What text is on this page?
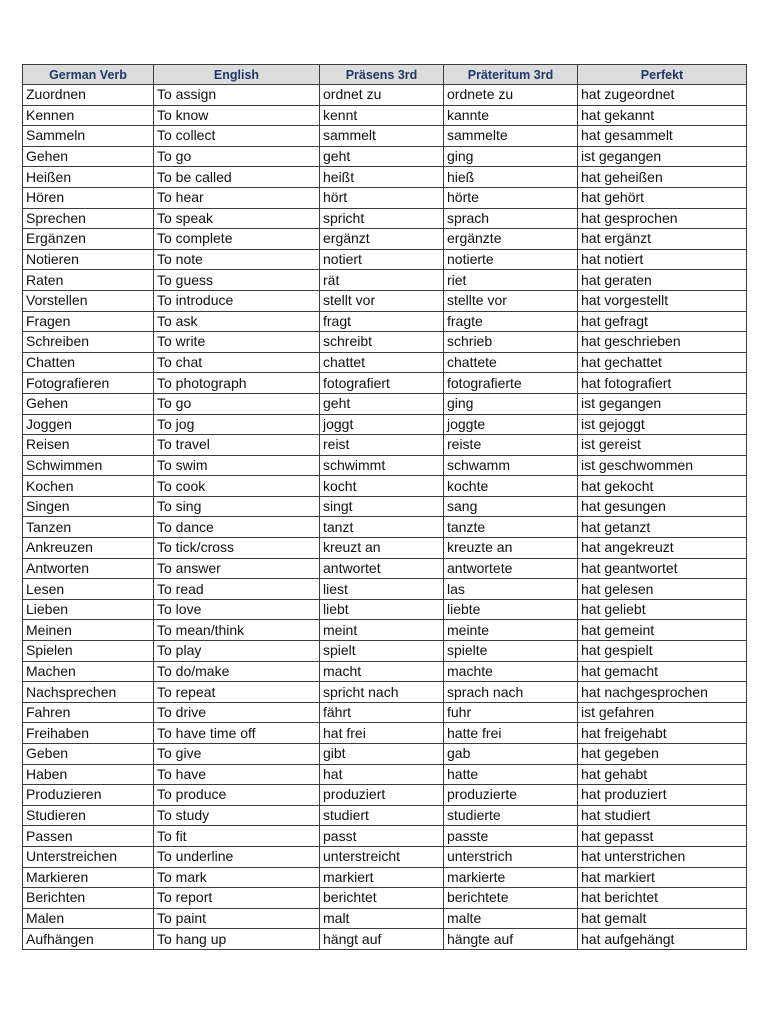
German Verb	English	Präsens 3rd	Präteritum 3rd	Perfekt
Zuordnen	To assign	ordnet zu	ordnete zu	hat zugeordnet
Kennen	To know	kennt	kannte	hat gekannt
Sammeln	To collect	sammelt	sammelte	hat gesammelt
Gehen	To go	geht	ging	ist gegangen
Heißen	To be called	heißt	hieß	hat geheißen
Hören	To hear	hört	hörte	hat gehört
Sprechen	To speak	spricht	sprach	hat gesprochen
Ergänzen	To complete	ergänzt	ergänzte	hat ergänzt
Notieren	To note	notiert	notierte	hat notiert
Raten	To guess	rät	riet	hat geraten
Vorstellen	To introduce	stellt vor	stellte vor	hat vorgestellt
Fragen	To ask	fragt	fragte	hat gefragt
Schreiben	To write	schreibt	schrieb	hat geschrieben
Chatten	To chat	chattet	chattete	hat gechattet
Fotografieren	To photograph	fotografiert	fotografierte	hat fotografiert
Gehen	To go	geht	ging	ist gegangen
Joggen	To jog	joggt	joggte	ist gejoggt
Reisen	To travel	reist	reiste	ist gereist
Schwimmen	To swim	schwimmt	schwamm	ist geschwommen
Kochen	To cook	kocht	kochte	hat gekocht
Singen	To sing	singt	sang	hat gesungen
Tanzen	To dance	tanzt	tanzte	hat getanzt
Ankreuzen	To tick/cross	kreuzt an	kreuzte an	hat angekreuzt
Antworten	To answer	antwortet	antwortete	hat geantwortet
Lesen	To read	liest	las	hat gelesen
Lieben	To love	liebt	liebte	hat geliebt
Meinen	To mean/think	meint	meinte	hat gemeint
Spielen	To play	spielt	spielte	hat gespielt
Machen	To do/make	macht	machte	hat gemacht
Nachsprechen	To repeat	spricht nach	sprach nach	hat nachgesprochen
Fahren	To drive	fährt	fuhr	ist gefahren
Freihaben	To have time off	hat frei	hatte frei	hat freigehabt
Geben	To give	gibt	gab	hat gegeben
Haben	To have	hat	hatte	hat gehabt
Produzieren	To produce	produziert	produzierte	hat produziert
Studieren	To study	studiert	studierte	hat studiert
Passen	To fit	passt	passte	hat gepasst
Unterstreichen	To underline	unterstreicht	unterstrich	hat unterstrichen
Markieren	To mark	markiert	markierte	hat markiert
Berichten	To report	berichtet	berichtete	hat berichtet
Malen	To paint	malt	malte	hat gemalt
Aufhängen	To hang up	hängt auf	hängte auf	hat aufgehängt
